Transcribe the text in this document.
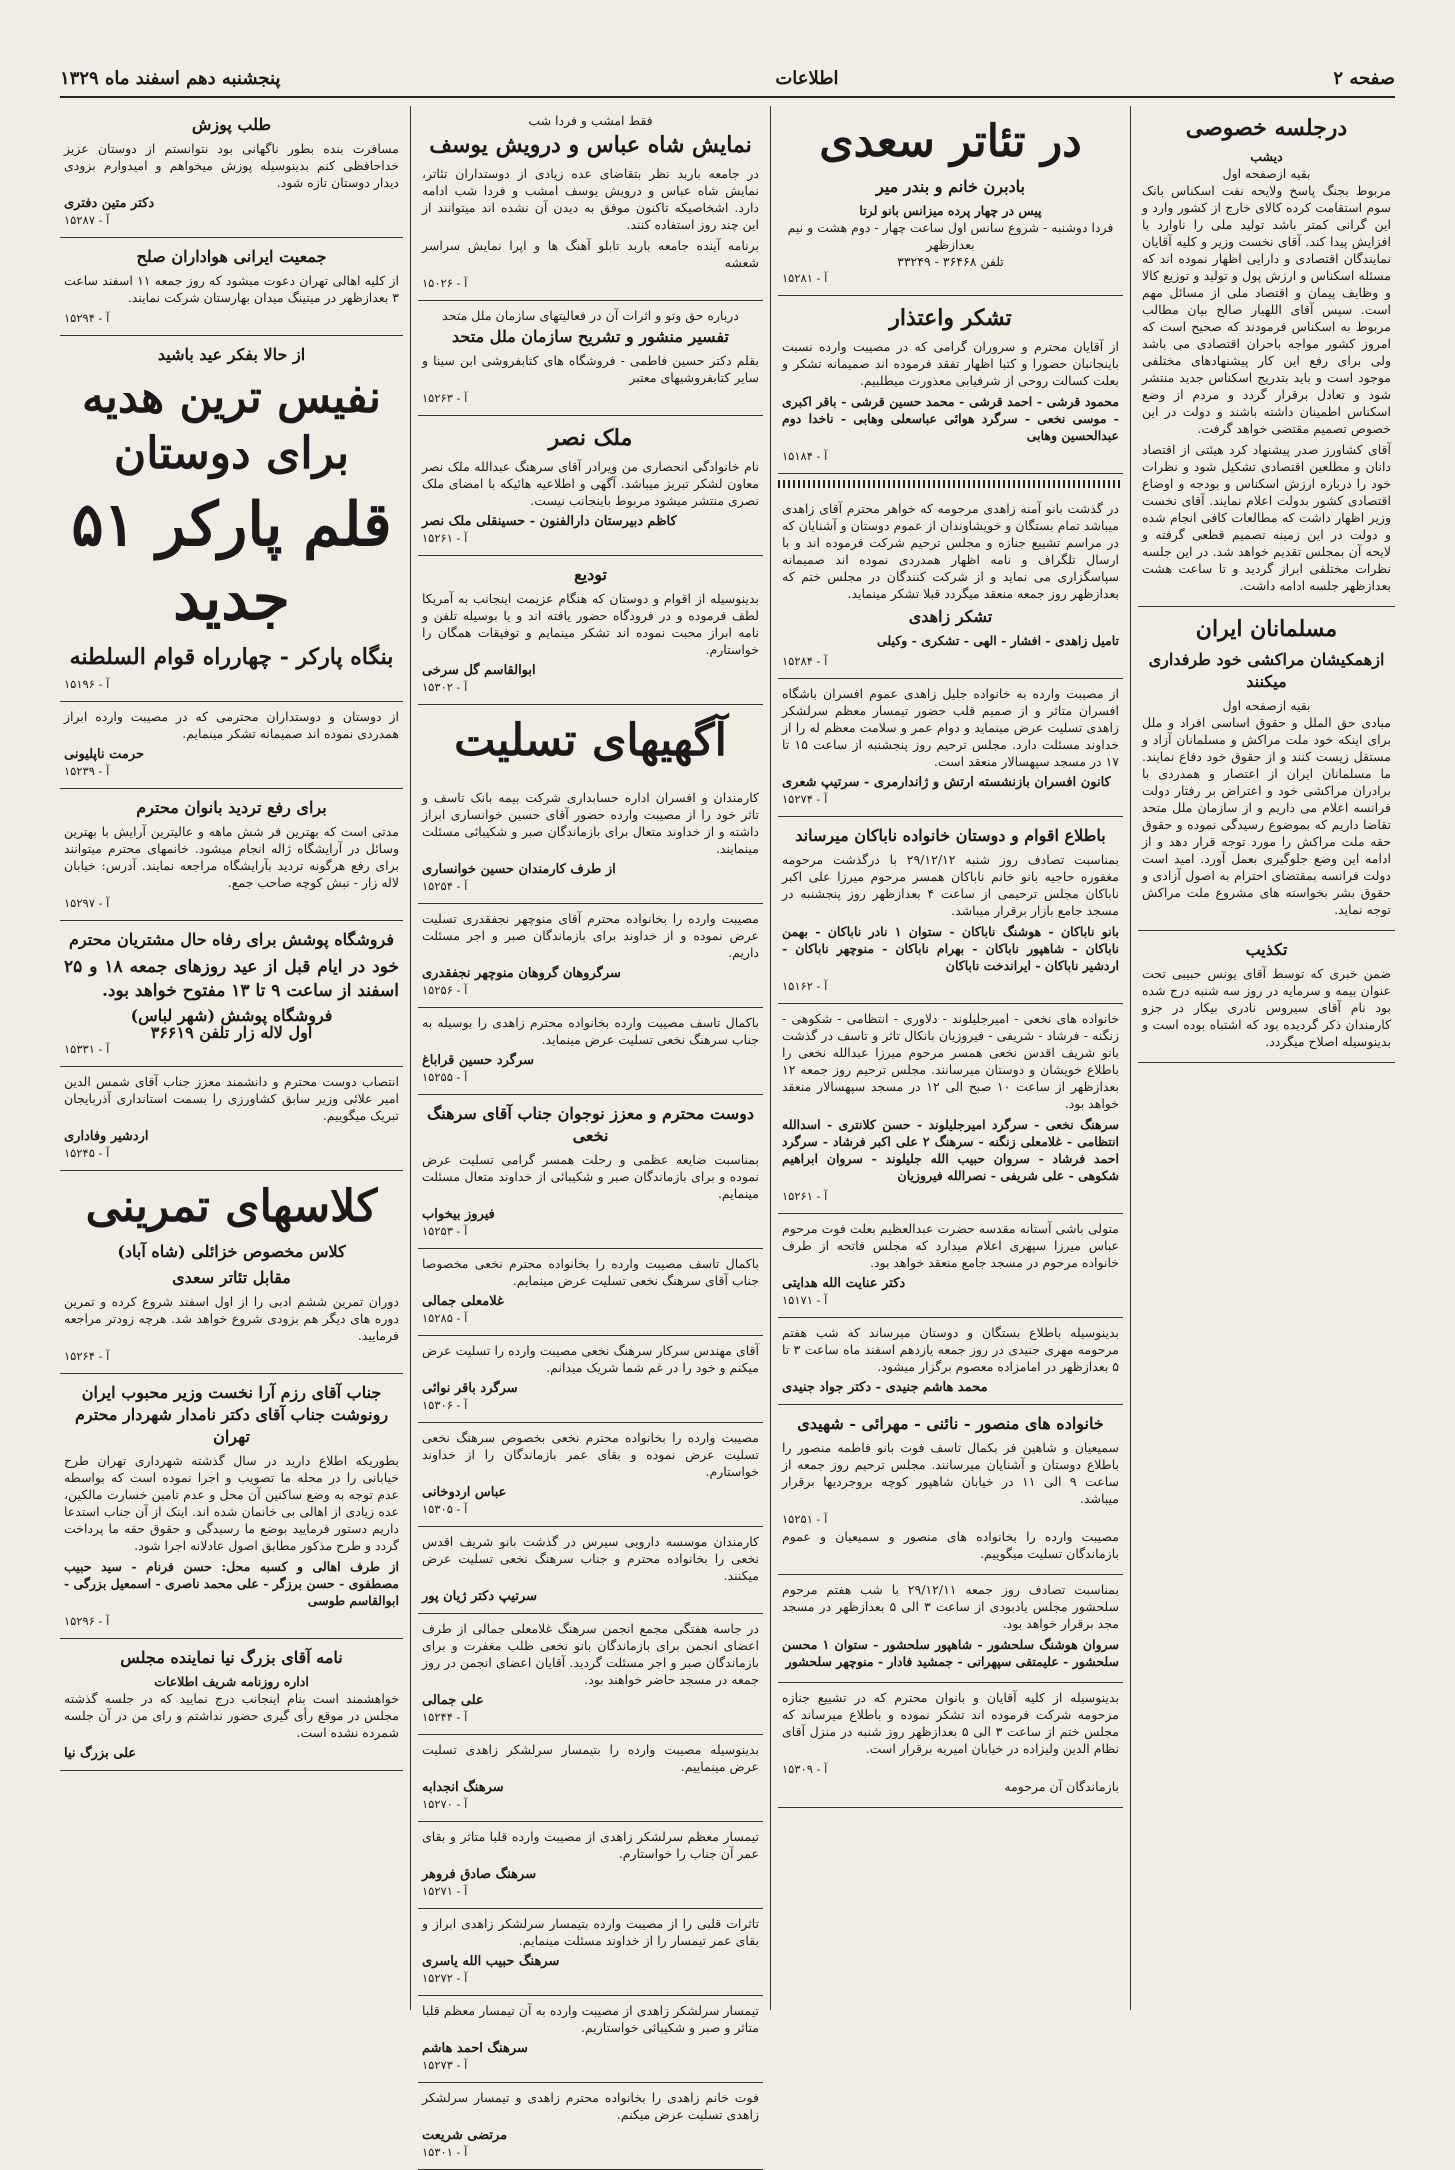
صفحه ۲
اطلاعات
پنجشنبه دهم اسفند ماه ۱۳۲۹
درجلسه خصوصی
دیشب
بقیه ازصفحه اول

مربوط بجنگ پاسخ ولایحه نفت اسکناس بانک سوم استقامت کرده کالای خارج از کشور وارد و این گرانی کمتر باشد تولید ملی را ناوارد یا افزایش پیدا کند. آقای نخست وزیر و کلیه آقایان نمایندگان اقتصادی و دارایی اظهار نموده اند که مسئله اسکناس و ارزش پول و تولید و توزیع کالا و وظایف پیمان و اقتصاد ملی از مسائل مهم است. سپس آقای اللهیار صالح بیان مطالب مربوط به اسکناس فرمودند که صحیح است که امروز کشور مواجه باحران اقتصادی می باشد ولی برای رفع این کار پیشنهادهای مختلفی موجود است و باید بتدریج اسکناس جدید منتشر شود و تعادل برقرار گردد و مردم از وضع اسکناس اطمینان داشته باشند و دولت در این خصوص تصمیم مقتضی خواهد گرفت.

آقای کشاورز صدر پیشنهاد کرد هیئتی از اقتصاد دانان و مطلعین اقتصادی تشکیل شود و نظرات خود را درباره ارزش اسکناس و بودجه و اوضاع اقتصادی کشور بدولت اعلام نمایند. آقای نخست وزیر اظهار داشت که مطالعات کافی انجام شده و دولت در این زمینه تصمیم قطعی گرفته و لایحه آن بمجلس تقدیم خواهد شد. در این جلسه نظرات مختلفی ابراز گردید و تا ساعت هشت بعدازظهر جلسه ادامه داشت.

مسلمانان ایران
ازهمکیشان مراکشی خود طرفداری میکنند
بقیه ازصفحه اول

مبادی حق الملل و حقوق اساسی افراد و ملل برای اینکه خود ملت مراکش و مسلمانان آزاد و مستقل زیست کنند و از حقوق خود دفاع نمایند. ما مسلمانان ایران از اعتصار و همدردی با برادران مراکشی خود و اعتراض بر رفتار دولت فرانسه اعلام می داریم و از سازمان ملل متحد تقاضا داریم که بموضوع رسیدگی نموده و حقوق حقه ملت مراکش را مورد توجه قرار دهد و از ادامه این وضع جلوگیری بعمل آورد. امید است دولت فرانسه بمقتضای احترام به اصول آزادی و حقوق بشر بخواسته های مشروع ملت مراکش توجه نماید.

تکذیب

ضمن خبری که توسط آقای یونس حبیبی تحت عنوان بیمه و سرمایه در روز سه شنبه درج شده بود نام آقای سیروس نادری بیکار در جزو کارمندان ذکر گردیده بود که اشتباه بوده است و بدینوسیله اصلاح میگردد.

در تئاتر سعدی
بادبرن خانم و بندر میر
پیس در چهار پرده میزانس بانو لرتا
فردا دوشنبه - شروع سانس اول ساعت چهار - دوم هشت و نیم بعدازظهر
تلفن ۳۶۴۶۸ - ۳۳۲۴۹
آ - ۱۵۲۸۱
تشکر واعتذار

از آقایان محترم و سروران گرامی که در مصیبت وارده نسبت باینجانبان حضورا و کتبا اظهار تفقد فرموده اند صمیمانه تشکر و بعلت کسالت روحی از شرفیابی معذورت میطلبیم.

محمود قرشی - احمد قرشی - محمد حسین قرشی - باقر اکبری - موسی نخعی - سرگرد هوائی عباسعلی وهابی - ناخدا دوم عبدالحسین وهابی

آ - ۱۵۱۸۴

در گذشت بانو آمنه زاهدی مرحومه که خواهر محترم آقای زاهدی میباشد تمام بستگان و خویشاوندان از عموم دوستان و آشنایان که در مراسم تشییع جنازه و مجلس ترحیم شرکت فرموده اند و با ارسال تلگراف و نامه اظهار همدردی نموده اند صمیمانه سپاسگزاری می نماید و از شرکت کنندگان در مجلس ختم که بعدازظهر روز جمعه منعقد میگردد قبلا تشکر مینماید.

تشکر زاهدی

تامیل زاهدی - افشار - الهی - تشکری - وکیلی

آ - ۱۵۲۸۴

از مصیبت وارده به خانواده جلیل زاهدی عموم افسران باشگاه افسران متاثر و از صمیم قلب حضور تیمسار معظم سرلشکر زاهدی تسلیت عرض مینماید و دوام عمر و سلامت معظم له را از خداوند مسئلت دارد. مجلس ترحیم روز پنجشنبه از ساعت ۱۵ تا ۱۷ در مسجد سپهسالار منعقد است.

کانون افسران بازنشسته ارتش و ژاندارمری - سرتیپ شعری
آ - ۱۵۲۷۴
باطلاع اقوام و دوستان خانواده ناباکان میرساند

بمناسبت تصادف روز شنبه ۲۹/۱۲/۱۲ با درگذشت مرحومه مغفوره حاجیه بانو خانم ناباکان همسر مرحوم میرزا علی اکبر ناباکان مجلس ترحیمی از ساعت ۴ بعدازظهر روز پنجشنبه در مسجد جامع بازار برقرار میباشد.

بانو ناباکان - هوشنگ ناباکان - ستوان ۱ نادر ناباکان - بهمن ناباکان - شاهپور ناباکان - بهرام ناباکان - منوچهر ناباکان - اردشیر ناباکان - ایراندخت ناباکان

آ - ۱۵۱۶۲

خانواده های نخعی - امیرجلیلوند - دلاوری - انتظامی - شکوهی - زنگنه - فرشاد - شریفی - فیروزیان بانکال تاثر و تاسف در گذشت بانو شریف اقدس نخعی همسر مرحوم میرزا عبدالله نخعی را باطلاع خویشان و دوستان میرسانند. مجلس ترحیم روز جمعه ۱۲ بعدازظهر از ساعت ۱۰ صبح الی ۱۲ در مسجد سپهسالار منعقد خواهد بود.

سرهنگ نخعی - سرگرد امیرجلیلوند - حسن کلانتری - اسدالله انتظامی - غلامعلی زنگنه - سرهنگ ۲ علی اکبر فرشاد - سرگرد احمد فرشاد - سروان حبیب الله جلیلوند - سروان ابراهیم شکوهی - علی شریفی - نصرالله فیروزیان

آ - ۱۵۲۶۱

متولی باشی آستانه مقدسه حضرت عبدالعظیم بعلت فوت مرحوم عباس میرزا سپهری اعلام میدارد که مجلس فاتحه از طرف خانواده مرحوم در مسجد جامع منعقد خواهد بود.

دکتر عنایت الله هدایتی
آ - ۱۵۱۷۱

بدینوسیله باطلاع بستگان و دوستان میرساند که شب هفتم مرحومه مهری جنیدی در روز جمعه یازدهم اسفند ماه ساعت ۳ تا ۵ بعدازظهر در امامزاده معصوم برگزار میشود.

محمد هاشم جنیدی - دکتر جواد جنیدی
خانواده های منصور - نائنی - مهرائی - شهیدی

سمیعیان و شاهین فر بکمال تاسف فوت بانو فاطمه منصور را باطلاع دوستان و آشنایان میرسانند. مجلس ترحیم روز جمعه از ساعت ۹ الی ۱۱ در خیابان شاهپور کوچه بروجردیها برقرار میباشد.

آ - ۱۵۲۵۱

مصیبت وارده را بخانواده های منصور و سمیعیان و عموم بازماندگان تسلیت میگوییم.

بمناسبت تصادف روز جمعه ۲۹/۱۲/۱۱ با شب هفتم مرحوم سلحشور مجلس یادبودی از ساعت ۳ الی ۵ بعدازظهر در مسجد مجد برقرار خواهد بود.

سروان هوشنگ سلحشور - شاهپور سلحشور - ستوان ۱ محسن سلحشور - علیمتقی سپهرانی - جمشید فادار - منوچهر سلحشور

بدینوسیله از کلیه آقایان و بانوان محترم که در تشییع جنازه مرحومه شرکت فرموده اند تشکر نموده و باطلاع میرساند که مجلس ختم از ساعت ۳ الی ۵ بعدازظهر روز شنبه در منزل آقای نظام الدین ولیزاده در خیابان امیریه برقرار است.

آ - ۱۵۳۰۹

بازماندگان آن مرحومه

فقط امشب و فردا شب
نمایش شاه عباس و درویش یوسف

در جامعه باربد نظر بتقاضای عده زیادی از دوستداران تئاتر، نمایش شاه عباس و درویش یوسف امشب و فردا شب ادامه دارد. اشخاصیکه تاکنون موفق به دیدن آن نشده اند میتوانند از این چند روز استفاده کنند.

برنامه آینده جامعه باربد تابلو آهنگ ها و اپرا نمایش سراسر شعشه

آ - ۱۵۰۲۶
درباره حق وتو و اثرات آن در فعالیتهای سازمان ملل متحد
تفسیر منشور و تشریح سازمان ملل متحد

بقلم دکتر حسین فاطمی - فروشگاه های کتابفروشی ابن سینا و سایر کتابفروشیهای معتبر

آ - ۱۵۲۶۳
ملک نصر

نام خانوادگی انحصاری من ویرادر آقای سرهنگ عبدالله ملک نصر معاون لشکر تبریز میباشد. آگهی و اطلاعیه هائیکه با امضای ملک نصری منتشر میشود مربوط باینجانب نیست.

کاظم دبیرستان دارالفنون - حسینقلی ملک نصر
آ - ۱۵۲۶۱
تودیع

بدینوسیله از اقوام و دوستان که هنگام عزیمت اینجانب به آمریکا لطف فرموده و در فرودگاه حضور یافته اند و یا بوسیله تلفن و نامه ابراز محبت نموده اند تشکر مینمایم و توفیقات همگان را خواستارم.

ابوالقاسم گل سرخی
آ - ۱۵۳۰۲
آگهیهای تسلیت

کارمندان و افسران اداره حسابداری شرکت بیمه بانک تاسف و تاثر خود را از مصیبت وارده حضور آقای حسین خوانساری ابراز داشته و از خداوند متعال برای بازماندگان صبر و شکیبائی مسئلت مینمایند.

از طرف کارمندان حسین خوانساری
آ - ۱۵۲۵۴

مصیبت وارده را بخانواده محترم آقای منوچهر نجفقدری تسلیت عرض نموده و از خداوند برای بازماندگان صبر و اجر مسئلت داریم.

سرگروهان گروهان منوچهر نجفقدری
آ - ۱۵۲۵۶

باکمال تاسف مصیبت وارده بخانواده محترم زاهدی را بوسیله به جناب سرهنگ نخعی تسلیت عرض مینماید.

سرگرد حسین قراباغ
آ - ۱۵۲۵۵
دوست محترم و معزز نوجوان جناب آقای سرهنگ نخعی

بمناسبت ضایعه عظمی و رحلت همسر گرامی تسلیت عرض نموده و برای بازماندگان صبر و شکیبائی از خداوند متعال مسئلت مینمایم.

فیروز بیخواب
آ - ۱۵۲۵۳

باکمال تاسف مصیبت وارده را بخانواده محترم نخعی مخصوصا جناب آقای سرهنگ نخعی تسلیت عرض مینمایم.

غلامعلی جمالی
آ - ۱۵۲۸۵

آقای مهندس سرکار سرهنگ نخعی مصیبت وارده را تسلیت عرض میکنم و خود را در غم شما شریک میدانم.

سرگرد باقر نوائی
آ - ۱۵۳۰۶

مصیبت وارده را بخانواده محترم نخعی بخصوص سرهنگ نخعی تسلیت عرض نموده و بقای عمر بازماندگان را از خداوند خواستارم.

عباس اردوخانی
آ - ۱۵۳۰۵

کارمندان موسسه دارویی سیرس در گذشت بانو شریف اقدس نخعی را بخانواده محترم و جناب سرهنگ نخعی تسلیت عرض میکنند.

سرتیپ دکتر ژیان پور

در جاسه هفتگی مجمع انجمن سرهنگ غلامعلی جمالی از طرف اعضای انجمن برای بازماندگان بانو نخعی طلب مغفرت و برای بازماندگان صبر و اجر مسئلت گردید. آقایان اعضای انجمن در روز جمعه در مسجد حاضر خواهند بود.

علی جمالی
آ - ۱۵۲۴۴

بدینوسیله مصیبت وارده را بتیمسار سرلشکر زاهدی تسلیت عرض مینماییم.

سرهنگ انجدابه
آ - ۱۵۲۷۰

تیمسار معظم سرلشکر زاهدی از مصیبت وارده قلبا متاثر و بقای عمر آن جناب را خواستارم.

سرهنگ صادق فروهر
آ - ۱۵۲۷۱

تاثرات قلبی را از مصیبت وارده بتیمسار سرلشکر زاهدی ابراز و بقای عمر تیمسار را از خداوند مسئلت مینمایم.

سرهنگ حبیب الله یاسری
آ - ۱۵۲۷۲

تیمسار سرلشکر زاهدی از مصیبت وارده به آن تیمسار معظم قلبا متاثر و صبر و شکیبائی خواستاریم.

سرهنگ احمد هاشم
آ - ۱۵۲۷۳

فوت خانم زاهدی را بخانواده محترم زاهدی و تیمسار سرلشکر زاهدی تسلیت عرض میکنم.

مرتضی شریعت
آ - ۱۵۳۰۱
طلب پوزش

مسافرت بنده بطور ناگهانی بود نتوانستم از دوستان عزیز خداحافظی کنم بدینوسیله پوزش میخواهم و امیدوارم بزودی دیدار دوستان تازه شود.

دکتر متین دفتری
آ - ۱۵۲۸۷
جمعیت ایرانی هواداران صلح

از کلیه اهالی تهران دعوت میشود که روز جمعه ۱۱ اسفند ساعت ۳ بعدازظهر در میتینگ میدان بهارستان شرکت نمایند.

آ - ۱۵۲۹۴
از حالا بفکر عید باشید
نفیس ترین هدیه برای دوستان
قلم پارکر ۵۱ جدید
بنگاه پارکر - چهارراه قوام السلطنه
آ - ۱۵۱۹۶

از دوستان و دوستداران محترمی که در مصیبت وارده ابراز همدردی نموده اند صمیمانه تشکر مینمایم.

حرمت ناپلیونی
آ - ۱۵۲۳۹
برای رفع تردید بانوان محترم

مدتی است که بهترین فر شش ماهه و عالیترین آرایش با بهترین وسائل در آرایشگاه ژاله انجام میشود. خانمهای محترم میتوانند برای رفع هرگونه تردید بآرایشگاه مراجعه نمایند. آدرس: خیابان لاله زار - نبش کوچه صاحب جمع.

آ - ۱۵۲۹۷
فروشگاه پوشش برای رفاه حال مشتریان محترم

خود در ایام قبل از عید روزهای جمعه ۱۸ و ۲۵ اسفند از ساعت ۹ تا ۱۳ مفتوح خواهد بود.

فروشگاه پوشش (شهر لباس)
اول لاله زار تلفن ۳۶۶۱۹
آ - ۱۵۳۳۱

انتصاب دوست محترم و دانشمند معزز جناب آقای شمس الدین امیر علائی وزیر سابق کشاورزی را بسمت استانداری آذربایجان تبریک میگوییم.

اردشیر وفاداری
آ - ۱۵۲۴۵
کلاسهای تمرینی
کلاس مخصوص خزائلی (شاه آباد)
مقابل تئاتر سعدی

دوران تمرین ششم ادبی را از اول اسفند شروع کرده و تمرین دوره های دیگر هم بزودی شروع خواهد شد. هرچه زودتر مراجعه فرمایید.

آ - ۱۵۲۶۴
جناب آقای رزم آرا نخست وزیر محبوب ایران رونوشت جناب آقای دکتر نامدار شهردار محترم تهران

بطوریکه اطلاع دارید در سال گذشته شهرداری تهران طرح خیابانی را در محله ما تصویب و اجرا نموده است که بواسطه عدم توجه به وضع ساکنین آن محل و عدم تامین خسارت مالکین، عده زیادی از اهالی بی خانمان شده اند. اینک از آن جناب استدعا داریم دستور فرمایید بوضع ما رسیدگی و حقوق حقه ما پرداخت گردد و طرح مذکور مطابق اصول عادلانه اجرا شود.

از طرف اهالی و کسبه محل: حسن فرنام - سید حبیب مصطفوی - حسن برزگر - علی محمد ناصری - اسمعیل بزرگی - ابوالقاسم طوسی

آ - ۱۵۲۹۶
نامه آقای بزرگ نیا نماینده مجلس
اداره روزنامه شریف اطلاعات

خواهشمند است بنام اینجانب درج نمایید که در جلسه گذشته مجلس در موقع رأی گیری حضور نداشتم و رای من در آن جلسه شمرده نشده است.

علی بزرگ نیا
